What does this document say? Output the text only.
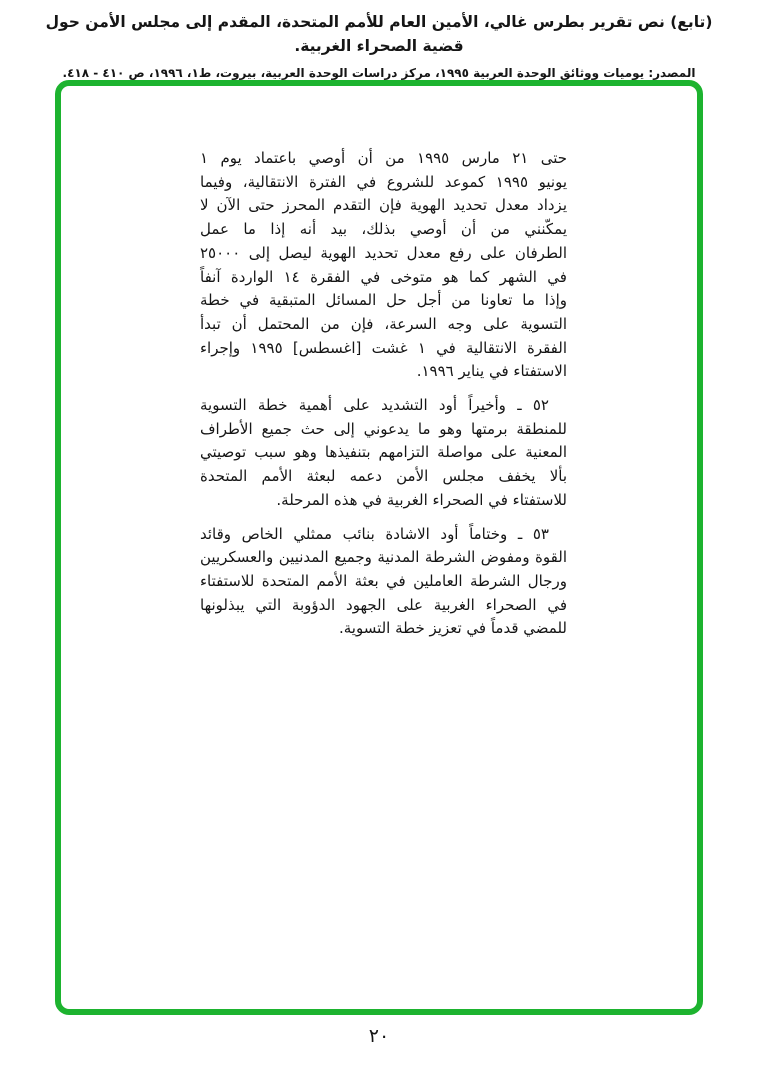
(تابع) نص تقرير بطرس غالي، الأمين العام للأمم المتحدة، المقدم إلى مجلس الأمن حول قضية الصحراء الغربية.
المصدر: يوميات ووثائق الوحدة العربية ١٩٩٥، مركز دراسات الوحدة العربية، بيروت، ط١، ١٩٩٦، ص ٤١٠ - ٤١٨.
حتى ٢١ مارس ١٩٩٥ من أن أوصي باعتماد يوم ١
يونيو ١٩٩٥ كموعد للشروع في الفترة الانتقالية، وفيما
يزداد معدل تحديد الهوية فإن التقدم المحرز حتى الآن لا
يمكّنني من أن أوصي بذلك، بيد أنه إذا ما عمل
الطرفان على رفع معدل تحديد الهوية ليصل إلى ٢٥٠٠٠
في الشهر كما هو متوخى في الفقرة ١٤ الواردة آنفاً
وإذا ما تعاونا من أجل حل المسائل المتبقية في خطة
التسوية على وجه السرعة، فإن من المحتمل أن تبدأ
الفقرة الانتقالية في ١ غشت [اغسطس] ١٩٩٥ وإجراء
الاستفتاء في يناير ١٩٩٦.
٥٢ ـ وأخيراً أود التشديد على أهمية خطة التسوية
للمنطقة برمتها وهو ما يدعوني إلى حث جميع الأطراف
المعنية على مواصلة التزامهم بتنفيذها وهو سبب توصيتي
بألا يخفف مجلس الأمن دعمه لبعثة الأمم المتحدة
للاستفتاء في الصحراء الغربية في هذه المرحلة.
٥٣ ـ وختاماً أود الاشادة بنائب ممثلي الخاص وقائد
القوة ومفوض الشرطة المدنية وجميع المدنيين والعسكريين
ورجال الشرطة العاملين في بعثة الأمم المتحدة للاستفتاء
في الصحراء الغربية على الجهود الدؤوبة التي يبذلونها
للمضي قدماً في تعزيز خطة التسوية.
٢٠
